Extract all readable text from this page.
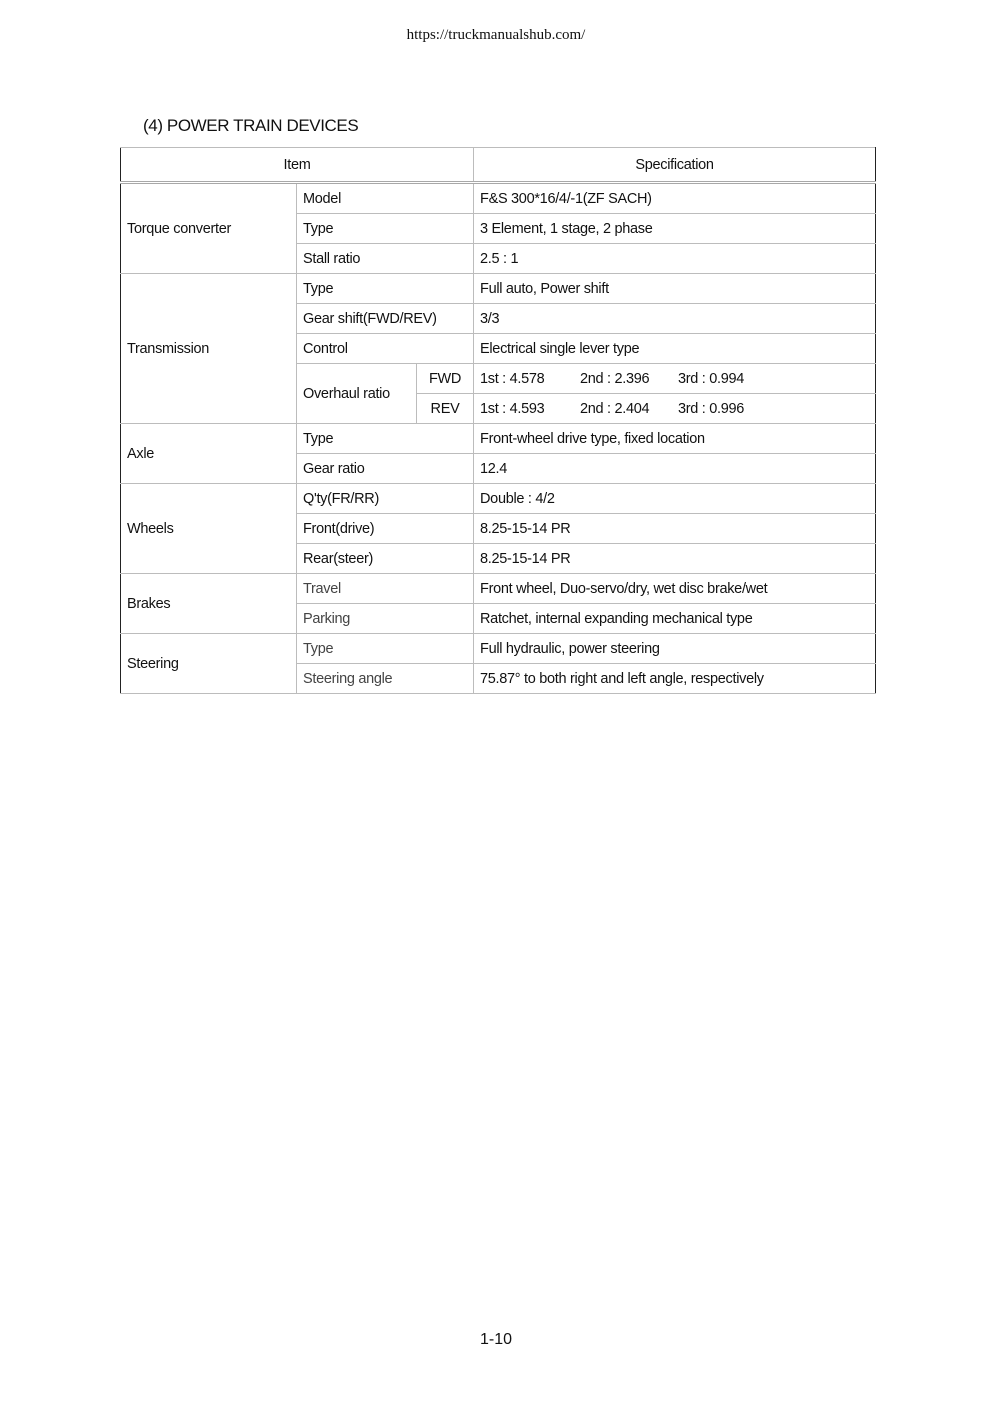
https://truckmanualshub.com/
(4) POWER TRAIN DEVICES
Item			Specification
Torque converter	Model		F&S 300*16/4/-1(ZF SACH)
	Type		3 Element, 1 stage, 2 phase
	Stall ratio		2.5 : 1
Transmission	Type		Full auto, Power shift
	Gear shift(FWD/REV)		3/3
	Control		Electrical single lever type
	Overhaul ratio	FWD	1st : 4.578 2nd : 2.396 3rd : 0.994
		REV	1st : 4.593 2nd : 2.404 3rd : 0.996
Axle	Type		Front-wheel drive type, fixed location
	Gear ratio		12.4
Wheels	Q'ty(FR/RR)		Double : 4/2
	Front(drive)		8.25-15-14 PR
	Rear(steer)		8.25-15-14 PR
Brakes	Travel		Front wheel, Duo-servo/dry, wet disc brake/wet
	Parking		Ratchet, internal expanding mechanical type
Steering	Type		Full hydraulic, power steering
	Steering angle		75.87° to both right and left angle, respectively
1-10
